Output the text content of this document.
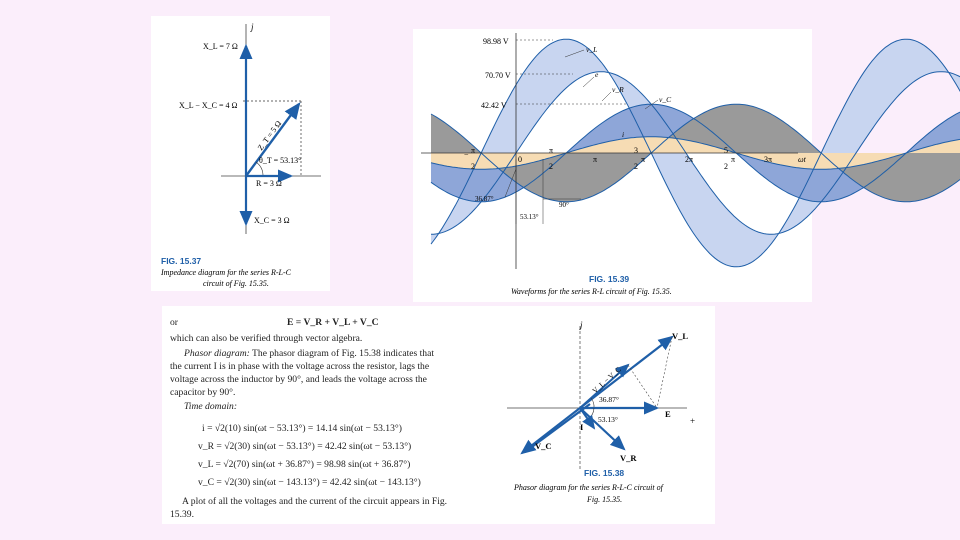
j
X_L = 7 Ω
X_L − X_C = 4 Ω
Z_T = 5 Ω
θ_T = 53.13°
R = 3 Ω
X_C = 3 Ω
FIG. 15.37
Impedance diagram for the series R-L-C
circuit of Fig. 15.35.
98.98 V
70.70 V
42.42 V
v_L
e
v_R
v_C
i
− π
2
0
π
2
π
3
π
2
2π
5
π
2
3π	ωt
36.87°
90°
53.13°
FIG. 15.39
Waveforms for the series R-L circuit of Fig. 15.35.
or	E = V_R + V_L + V_C
which can also be verified through vector algebra.
Phasor diagram: The phasor diagram of Fig. 15.38 indicates that
the current I is in phase with the voltage across the resistor, lags the
voltage across the inductor by 90°, and leads the voltage across the
capacitor by 90°.
Time domain:
i = √2(10) sin(ωt − 53.13°) = 14.14 sin(ωt − 53.13°)
v_R = √2(30) sin(ωt − 53.13°) = 42.42 sin(ωt − 53.13°)
v_L = √2(70) sin(ωt + 36.87°) = 98.98 sin(ωt + 36.87°)
v_C = √2(30) sin(ωt − 143.13°) = 42.42 sin(ωt − 143.13°)
A plot of all the voltages and the current of the circuit appears in Fig.
15.39.
j
V_L
V_L − V_C
36.87°
E
+
53.13°
I
V_R
V_C
FIG. 15.38
Phasor diagram for the series R-L-C circuit of
Fig. 15.35.
